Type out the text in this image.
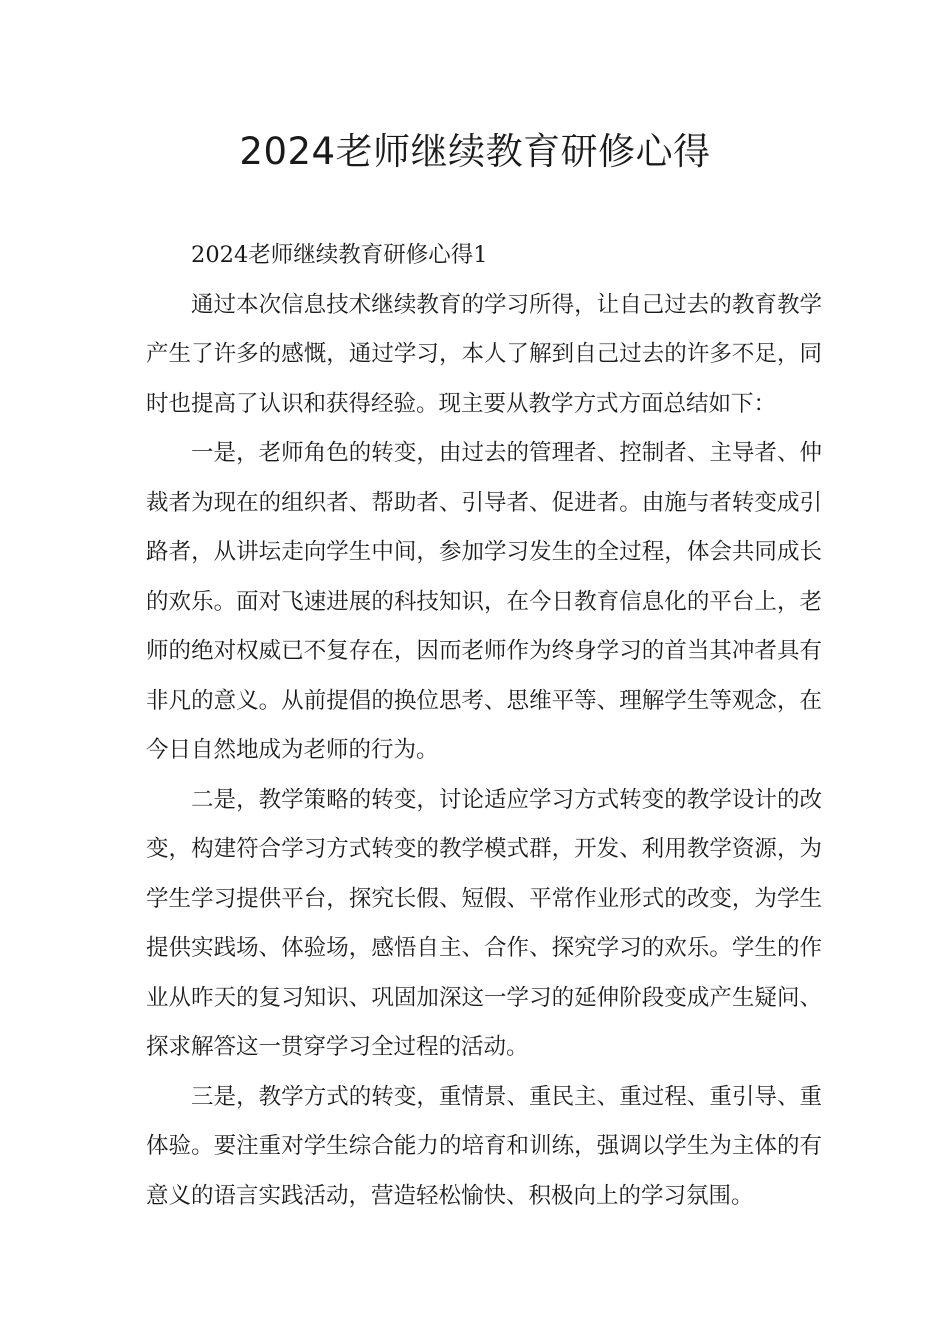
2024老师继续教育研修心得

2024老师继续教育研修心得1

通过本次信息技术继续教育的学习所得，让自己过去的教育教学产生了许多的感慨，通过学习，本人了解到自己过去的许多不足，同时也提高了认识和获得经验。现主要从教学方式方面总结如下：

一是，老师角色的转变，由过去的管理者、控制者、主导者、仲裁者为现在的组织者、帮助者、引导者、促进者。由施与者转变成引路者，从讲坛走向学生中间，参加学习发生的全过程，体会共同成长的欢乐。面对飞速进展的科技知识，在今日教育信息化的平台上，老师的绝对权威已不复存在，因而老师作为终身学习的首当其冲者具有非凡的意义。从前提倡的换位思考、思维平等、理解学生等观念，在今日自然地成为老师的行为。

二是，教学策略的转变，讨论适应学习方式转变的教学设计的改变，构建符合学习方式转变的教学模式群，开发、利用教学资源，为学生学习提供平台，探究长假、短假、平常作业形式的改变，为学生提供实践场、体验场，感悟自主、合作、探究学习的欢乐。学生的作业从昨天的复习知识、巩固加深这一学习的延伸阶段变成产生疑问、探求解答这一贯穿学习全过程的活动。

三是，教学方式的转变，重情景、重民主、重过程、重引导、重体验。要注重对学生综合能力的培育和训练，强调以学生为主体的有意义的语言实践活动，营造轻松愉快、积极向上的学习氛围。
